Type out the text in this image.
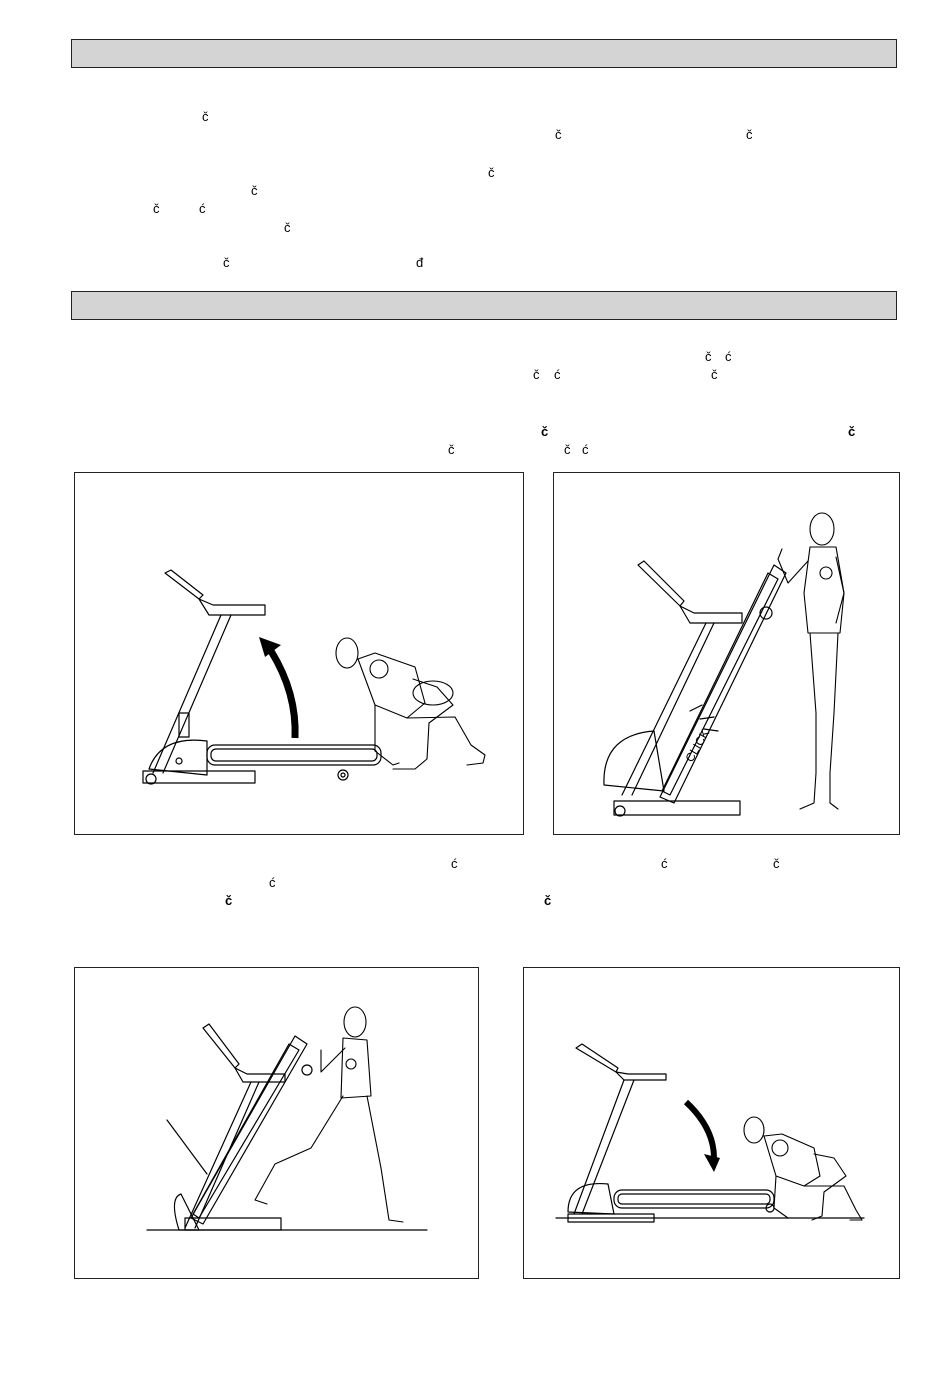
č
č	č
č
č
č	ć
č
č	đ
č ć
č ć	č
č	č
č	č ć
ć	ć	č
ć
č	č
CLICK
